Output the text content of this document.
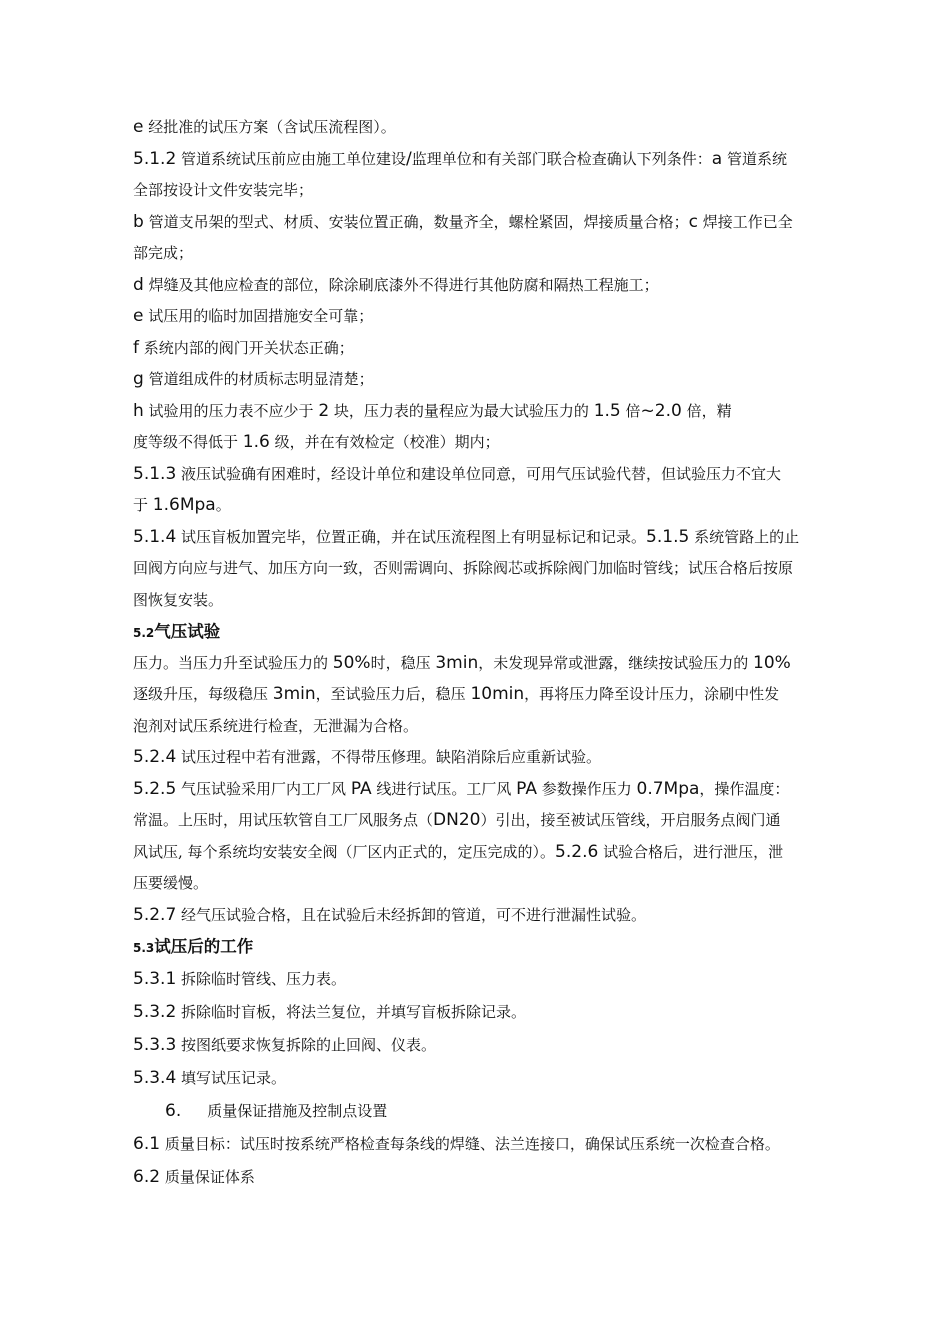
e 经批准的试压方案（含试压流程图）。
5.1.2 管道系统试压前应由施工单位建设/监理单位和有关部门联合检查确认下列条件：a 管道系统
全部按设计文件安装完毕；
b 管道支吊架的型式、材质、安装位置正确，数量齐全，螺栓紧固，焊接质量合格；c 焊接工作已全
部完成；
d 焊缝及其他应检查的部位，除涂刷底漆外不得进行其他防腐和隔热工程施工；
e 试压用的临时加固措施安全可靠；
f 系统内部的阀门开关状态正确；
g 管道组成件的材质标志明显清楚；
h 试验用的压力表不应少于 2 块，压力表的量程应为最大试验压力的 1.5 倍~2.0 倍，精
度等级不得低于 1.6 级，并在有效检定（校准）期内；
5.1.3 液压试验确有困难时，经设计单位和建设单位同意，可用气压试验代替，但试验压力不宜大
于 1.6Mpa。
5.1.4 试压盲板加置完毕，位置正确，并在试压流程图上有明显标记和记录。5.1.5 系统管路上的止
回阀方向应与进气、加压方向一致，否则需调向、拆除阀芯或拆除阀门加临时管线；试压合格后按原
图恢复安装。
5.2气压试验
压力。当压力升至试验压力的 50%时，稳压 3min，未发现异常或泄露，继续按试验压力的 10%
逐级升压，每级稳压 3min，至试验压力后，稳压 10min，再将压力降至设计压力，涂刷中性发
泡剂对试压系统进行检查，无泄漏为合格。
5.2.4 试压过程中若有泄露，不得带压修理。缺陷消除后应重新试验。
5.2.5 气压试验采用厂内工厂风 PA 线进行试压。工厂风 PA 参数操作压力 0.7Mpa，操作温度：
常温。上压时，用试压软管自工厂风服务点（DN20）引出，接至被试压管线，开启服务点阀门通
风试压, 每个系统均安装安全阀（厂区内正式的，定压完成的）。5.2.6 试验合格后，进行泄压，泄
压要缓慢。
5.2.7 经气压试验合格，且在试验后未经拆卸的管道，可不进行泄漏性试验。
5.3试压后的工作
5.3.1 拆除临时管线、压力表。
5.3.2 拆除临时盲板，将法兰复位，并填写盲板拆除记录。
5.3.3 按图纸要求恢复拆除的止回阀、仪表。
5.3.4 填写试压记录。
6. 质量保证措施及控制点设置
6.1 质量目标：试压时按系统严格检查每条线的焊缝、法兰连接口，确保试压系统一次检查合格。
6.2 质量保证体系
